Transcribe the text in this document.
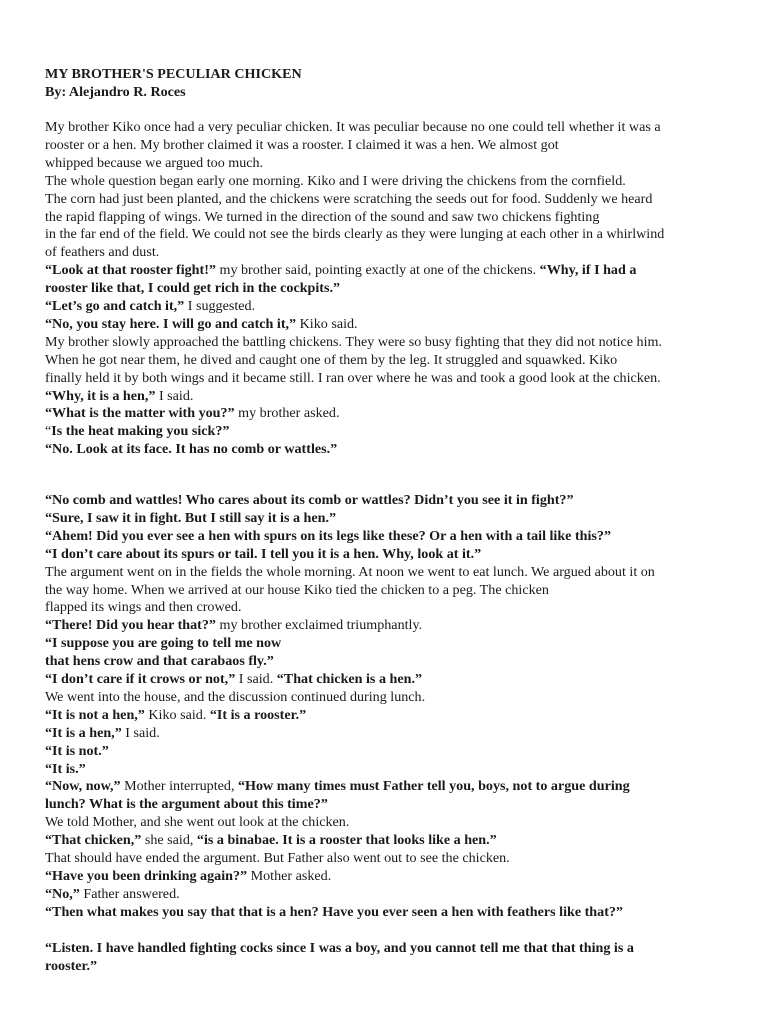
MY BROTHER'S PECULIAR CHICKEN

By: Alejandro R. Roces

My brother Kiko once had a very peculiar chicken. It was peculiar because no one could tell whether it was a

rooster or a hen. My brother claimed it was a rooster. I claimed it was a hen. We almost got

whipped because we argued too much.

The whole question began early one morning. Kiko and I were driving the chickens from the cornfield.

The corn had just been planted, and the chickens were scratching the seeds out for food. Suddenly we heard

the rapid flapping of wings. We turned in the direction of the sound and saw two chickens fighting

in the far end of the field. We could not see the birds clearly as they were lunging at each other in a whirlwind

of feathers and dust.

“Look at that rooster fight!” my brother said, pointing exactly at one of the chickens. “Why, if I had a

rooster like that, I could get rich in the cockpits.”

“Let’s go and catch it,” I suggested.

“No, you stay here. I will go and catch it,” Kiko said.

My brother slowly approached the battling chickens. They were so busy fighting that they did not notice him.

When he got near them, he dived and caught one of them by the leg. It struggled and squawked. Kiko

finally held it by both wings and it became still. I ran over where he was and took a good look at the chicken.

“Why, it is a hen,” I said.

“What is the matter with you?” my brother asked.

“Is the heat making you sick?”

“No. Look at its face. It has no comb or wattles.”

“No comb and wattles! Who cares about its comb or wattles? Didn’t you see it in fight?”

“Sure, I saw it in fight. But I still say it is a hen.”

“Ahem! Did you ever see a hen with spurs on its legs like these? Or a hen with a tail like this?”

“I don’t care about its spurs or tail. I tell you it is a hen. Why, look at it.”

The argument went on in the fields the whole morning. At noon we went to eat lunch. We argued about it on

the way home. When we arrived at our house Kiko tied the chicken to a peg. The chicken

flapped its wings and then crowed.

“There! Did you hear that?” my brother exclaimed triumphantly.

“I suppose you are going to tell me now

that hens crow and that carabaos fly.”

“I don’t care if it crows or not,” I said. “That chicken is a hen.”

We went into the house, and the discussion continued during lunch.

“It is not a hen,” Kiko said. “It is a rooster.”

“It is a hen,” I said.

“It is not.”

“It is.”

“Now, now,” Mother interrupted, “How many times must Father tell you, boys, not to argue during

lunch? What is the argument about this time?”

We told Mother, and she went out look at the chicken.

“That chicken,” she said, “is a binabae. It is a rooster that looks like a hen.”

That should have ended the argument. But Father also went out to see the chicken.

“Have you been drinking again?” Mother asked.

“No,” Father answered.

“Then what makes you say that that is a hen? Have you ever seen a hen with feathers like that?”

“Listen. I have handled fighting cocks since I was a boy, and you cannot tell me that that thing is a

rooster.”
